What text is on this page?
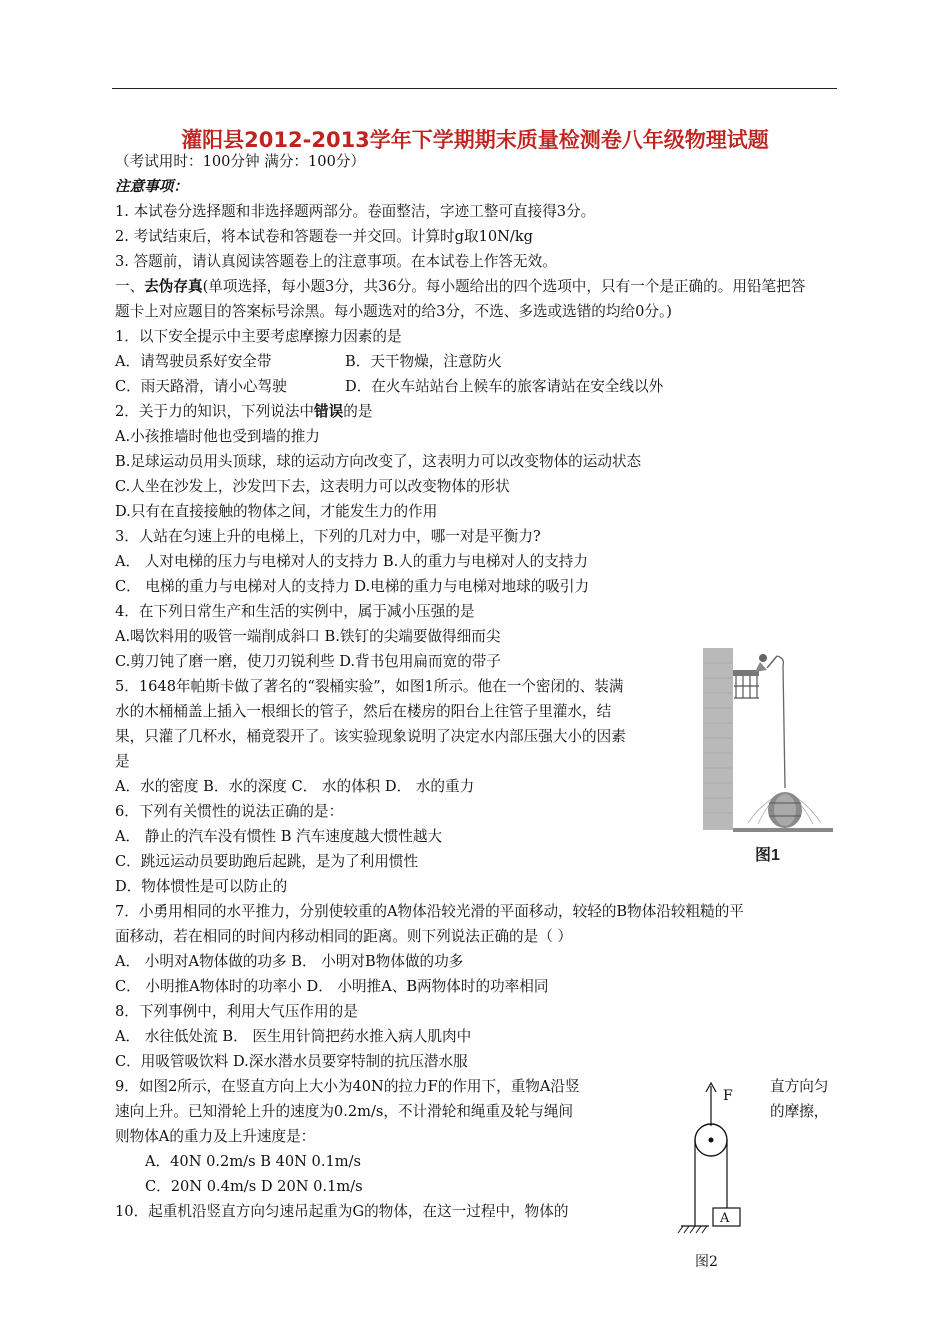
灌阳县2012-2013学年下学期期末质量检测卷八年级物理试题
（考试用时：100分钟 满分：100分）
注意事项：
1. 本试卷分选择题和非选择题两部分。卷面整洁，字迹工整可直接得3分。
2. 考试结束后，将本试卷和答题卷一并交回。计算时g取10N/kg
3. 答题前，请认真阅读答题卷上的注意事项。在本试卷上作答无效。
一、去伪存真(单项选择，每小题3分，共36分。每小题给出的四个选项中，只有一个是正确的。用铅笔把答
题卡上对应题目的答案标号涂黑。每小题选对的给3分，不选、多选或选错的均给0分。)
1．以下安全提示中主要考虑摩擦力因素的是
A．请驾驶员系好安全带	B．天干物燥，注意防火
C．雨天路滑，请小心驾驶	D．在火车站站台上候车的旅客请站在安全线以外
2．关于力的知识，下列说法中错误的是
A.小孩推墙时他也受到墙的推力
B.足球运动员用头顶球，球的运动方向改变了，这表明力可以改变物体的运动状态
C.人坐在沙发上，沙发凹下去，这表明力可以改变物体的形状
D.只有在直接接触的物体之间，才能发生力的作用
3．人站在匀速上升的电梯上，下列的几对力中，哪一对是平衡力?
A． 人对电梯的压力与电梯对人的支持力 B.人的重力与电梯对人的支持力
C． 电梯的重力与电梯对人的支持力 D.电梯的重力与电梯对地球的吸引力
4．在下列日常生产和生活的实例中，属于减小压强的是
A.喝饮料用的吸管一端削成斜口 B.铁钉的尖端要做得细而尖
C.剪刀钝了磨一磨，使刀刃锐利些 D.背书包用扁而宽的带子
5．1648年帕斯卡做了著名的“裂桶实验”，如图1所示。他在一个密闭的、装满
水的木桶桶盖上插入一根细长的管子，然后在楼房的阳台上往管子里灌水，结
果，只灌了几杯水，桶竟裂开了。该实验现象说明了决定水内部压强大小的因素
是
A．水的密度 B．水的深度 C． 水的体积 D． 水的重力
图1
6．下列有关惯性的说法正确的是：
A． 静止的汽车没有惯性 B 汽车速度越大惯性越大
C．跳远运动员要助跑后起跳，是为了利用惯性
D．物体惯性是可以防止的
7．小勇用相同的水平推力，分别使较重的A物体沿较光滑的平面移动，较轻的B物体沿较粗糙的平
面移动，若在相同的时间内移动相同的距离。则下列说法正确的是（ ）
A． 小明对A物体做的功多 B． 小明对B物体做的功多
C． 小明推A物体时的功率小 D． 小明推A、B两物体时的功率相同
8．下列事例中，利用大气压作用的是
A． 水往低处流 B． 医生用针筒把药水推入病人肌肉中
C．用吸管吸饮料 D.深水潜水员要穿特制的抗压潜水服
9．如图2所示，在竖直方向上大小为40N的拉力F的作用下，重物A沿竖	直方向匀
速向上升。已知滑轮上升的速度为0.2m/s，不计滑轮和绳重及轮与绳间	的摩擦，
则物体A的重力及上升速度是：
A．40N 0.2m/s B 40N 0.1m/s
C．20N 0.4m/s D 20N 0.1m/s
10．起重机沿竖直方向匀速吊起重为G的物体，在这一过程中，物体的
F
A
图2
